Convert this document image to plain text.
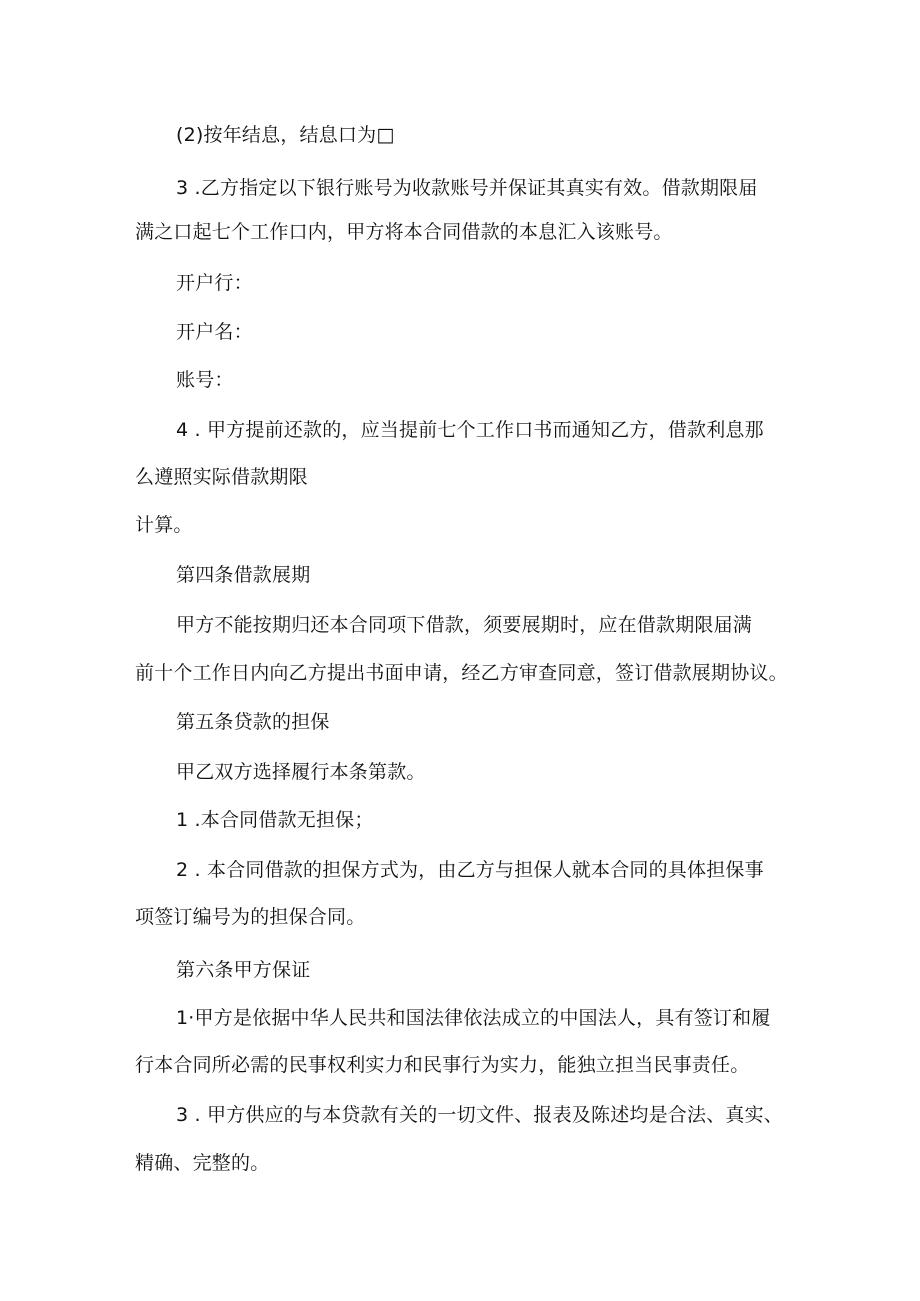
(2)按年结息，结息口为□
3 .乙方指定以下银行账号为收款账号并保证其真实有效。借款期限届
满之口起七个工作口内，甲方将本合同借款的本息汇入该账号。
开户行：
开户名：
账号：
4 . 甲方提前还款的，应当提前七个工作口书而通知乙方，借款利息那
么遵照实际借款期限
计算。
第四条借款展期
甲方不能按期归还本合同项下借款，须要展期时，应在借款期限届满
前十个工作日内向乙方提出书面申请，经乙方审查同意，签订借款展期协议。
第五条贷款的担保
甲乙双方选择履行本条第款。
1 .本合同借款无担保；
2 . 本合同借款的担保方式为，由乙方与担保人就本合同的具体担保事
项签订编号为的担保合同。
第六条甲方保证
1·甲方是依据中华人民共和国法律依法成立的中国法人，具有签订和履
行本合同所必需的民事权利实力和民事行为实力，能独立担当民事责任。
3 . 甲方供应的与本贷款有关的一切文件、报表及陈述均是合法、真实、
精确、完整的。
